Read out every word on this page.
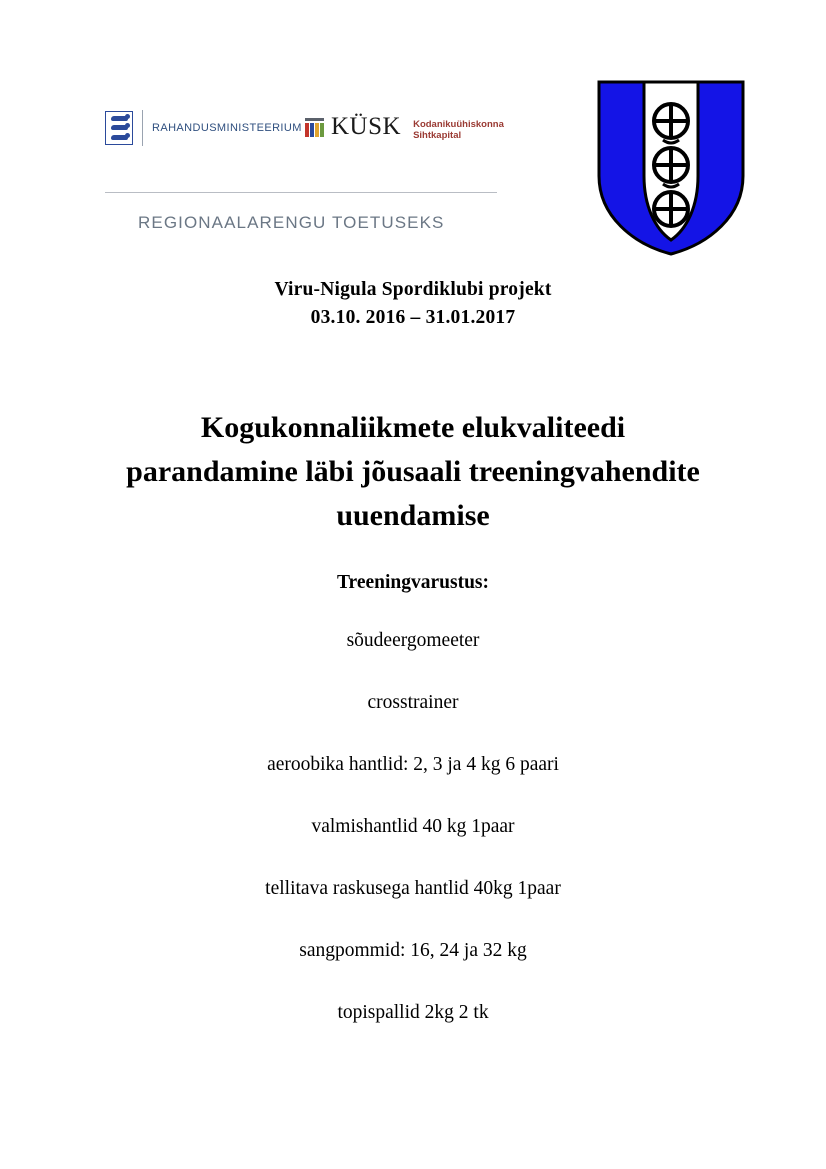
RAHANDUSMINISTEERIUM KÜSK Kodanikuühiskonna
Sihtkapital
REGIONAALARENGU TOETUSEKS
Viru-Nigula Spordiklubi projekt
03.10. 2016 – 31.01.2017
Kogukonnaliikmete elukvaliteedi parandamine läbi jõusaali treeningvahendite uuendamise
Treeningvarustus:
sõudeergomeeter
crosstrainer
aeroobika hantlid: 2, 3 ja 4 kg 6 paari
valmishantlid 40 kg 1paar
tellitava raskusega hantlid 40kg 1paar
sangpommid: 16, 24 ja 32 kg
topispallid 2kg 2 tk
